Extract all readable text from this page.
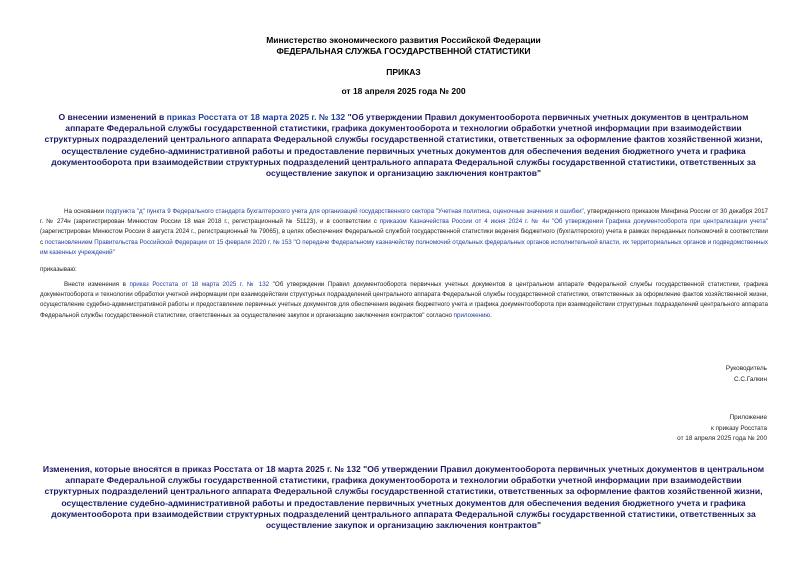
Министерство экономического развития Российской Федерации
ФЕДЕРАЛЬНАЯ СЛУЖБА ГОСУДАРСТВЕННОЙ СТАТИСТИКИ
ПРИКАЗ
от 18 апреля 2025 года № 200
О внесении изменений в приказ Росстата от 18 марта 2025 г. № 132 "Об утверждении Правил документооборота первичных учетных документов в центральном аппарате Федеральной службы государственной статистики, графика документооборота и технологии обработки учетной информации при взаимодействии структурных подразделений центрального аппарата Федеральной службы государственной статистики, ответственных за оформление фактов хозяйственной жизни, осуществление судебно-административной работы и предоставление первичных учетных документов для обеспечения ведения бюджетного учета и графика документооборота при взаимодействии структурных подразделений центрального аппарата Федеральной службы государственной статистики, ответственных за осуществление закупок и организацию заключения контрактов"
На основании подпункта "д" пункта 9 Федерального стандарта бухгалтерского учета для организаций государственного сектора "Учетная политика, оценочные значения и ошибки", утвержденного приказом Минфина России от 30 декабря 2017 г. № 274н (зарегистрирован Минюстом России 18 мая 2018 г., регистрационный № 51123), и в соответствии с приказом Казначейства России от 4 июня 2024 г. № 4н "Об утверждении Графика документооборота при централизации учета" (зарегистрирован Минюстом России 8 августа 2024 г., регистрационный № 79065), в целях обеспечения Федеральной службой государственной статистики ведения бюджетного (бухгалтерского) учета в рамках переданных полномочий в соответствии с постановлением Правительства Российской Федерации от 15 февраля 2020 г. № 153 "О передаче Федеральному казначейству полномочий отдельных федеральных органов исполнительной власти, их территориальных органов и подведомственных им казенных учреждений"
приказываю:
Внести изменения в приказ Росстата от 18 марта 2025 г. № 132 "Об утверждении Правил документооборота первичных учетных документов в центральном аппарате Федеральной службы государственной статистики, графика документооборота и технологии обработки учетной информации при взаимодействии структурных подразделений центрального аппарата Федеральной службы государственной статистики, ответственных за оформление фактов хозяйственной жизни, осуществление судебно-административной работы и предоставление первичных учетных документов для обеспечения ведения бюджетного учета и графика документооборота при взаимодействии структурных подразделений центрального аппарата Федеральной службы государственной статистики, ответственных за осуществление закупок и организацию заключения контрактов" согласно приложению.
Руководитель
С.С.Галкин
Приложение
к приказу Росстата
от 18 апреля 2025 года № 200
Изменения, которые вносятся в приказ Росстата от 18 марта 2025 г. № 132 "Об утверждении Правил документооборота первичных учетных документов в центральном аппарате Федеральной службы государственной статистики, графика документооборота и технологии обработки учетной информации при взаимодействии структурных подразделений центрального аппарата Федеральной службы государственной статистики, ответственных за оформление фактов хозяйственной жизни, осуществление судебно-административной работы и предоставление первичных учетных документов для обеспечения ведения бюджетного учета и графика документооборота при взаимодействии структурных подразделений центрального аппарата Федеральной службы государственной статистики, ответственных за осуществление закупок и организацию заключения контрактов"
